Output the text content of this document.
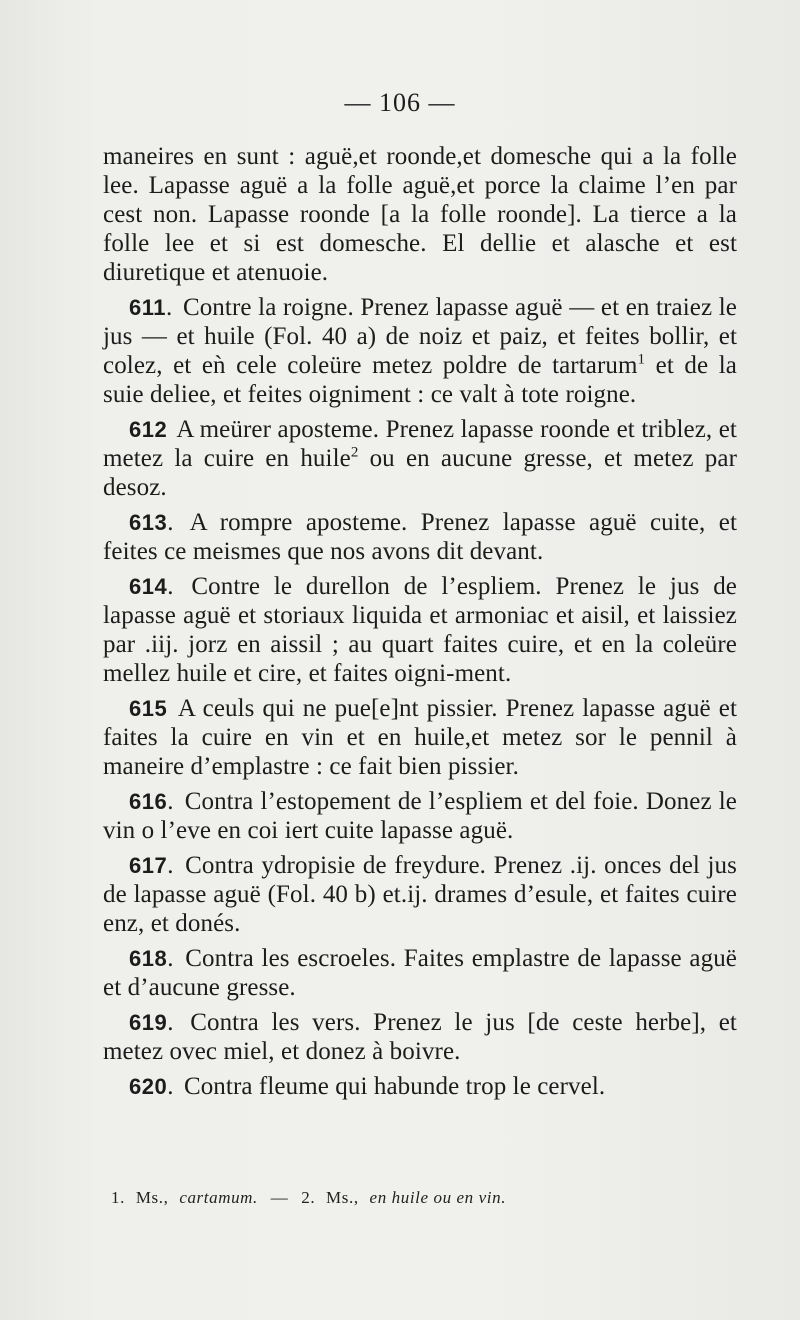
— 106 —

maneires en sunt : aguë,et roonde,et domesche qui a la folle lee. Lapasse aguë a la folle aguë,et porce la claime l’en par cest non. Lapasse roonde [a la folle roonde]. La tierce a la folle lee et si est domesche. El dellie et alasche et est diuretique et atenuoie.

611. Contre la roigne. Prenez lapasse aguë — et en traiez le jus — et huile (Fol. 40 a) de noiz et paiz, et feites bollir, et colez, et eǹ cele coleüre metez poldre de tartarum$^1$ et de la suie deliee, et feites oigniment : ce valt à tote roigne.

612 A meürer aposteme. Prenez lapasse roonde et triblez, et metez la cuire en huile$^2$ ou en aucune gresse, et metez par desoz.

613. A rompre aposteme. Prenez lapasse aguë cuite, et feites ce meismes que nos avons dit devant.

614. Contre le durellon de l’espliem. Prenez le jus de lapasse aguë et storiaux liquida et armoniac et aisil, et laissiez par .iij. jorz en aissil ; au quart faites cuire, et en la coleüre mellez huile et cire, et faites oigni-ment.

615 A ceuls qui ne pue[e]nt pissier. Prenez lapasse aguë et faites la cuire en vin et en huile,et metez sor le pennil à maneire d’emplastre : ce fait bien pissier.

616. Contra l’estopement de l’espliem et del foie. Donez le vin o l’eve en coi iert cuite lapasse aguë.

617. Contra ydropisie de freydure. Prenez .ij. onces del jus de lapasse aguë (Fol. 40 b) et.ij. drames d’esule, et faites cuire enz, et donés.

618. Contra les escroeles. Faites emplastre de lapasse aguë et d’aucune gresse.

619. Contra les vers. Prenez le jus [de ceste herbe], et metez ovec miel, et donez à boivre.

620. Contra fleume qui habunde trop le cervel.

1. Ms., cartamum. — 2. Ms., en huile ou en vin.
